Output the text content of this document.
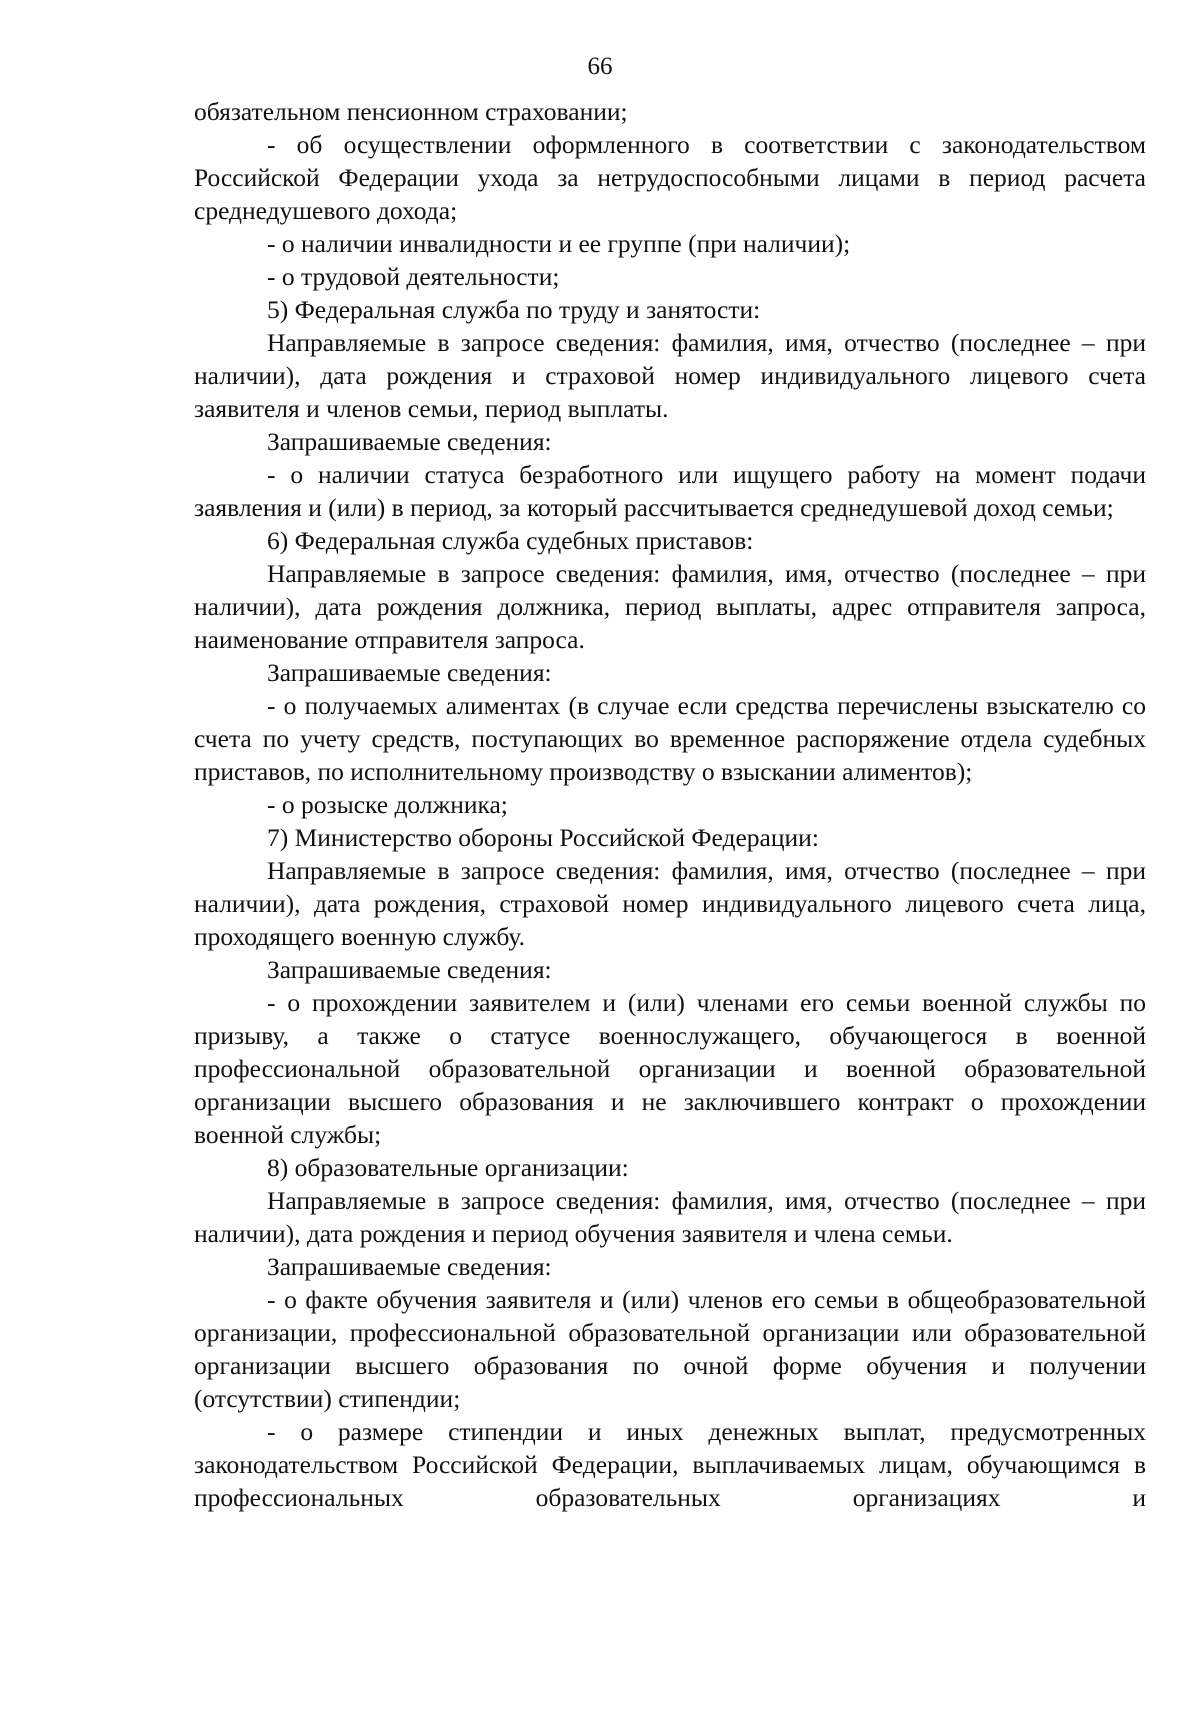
66

обязательном пенсионном страховании;

- об осуществлении оформленного в соответствии с законодательством Российской Федерации ухода за нетрудоспособными лицами в период расчета среднедушевого дохода;

- о наличии инвалидности и ее группе (при наличии);

- о трудовой деятельности;

5) Федеральная служба по труду и занятости:

Направляемые в запросе сведения: фамилия, имя, отчество (последнее – при наличии), дата рождения и страховой номер индивидуального лицевого счета заявителя и членов семьи, период выплаты.

Запрашиваемые сведения:

- о наличии статуса безработного или ищущего работу на момент подачи заявления и (или) в период, за который рассчитывается среднедушевой доход семьи;

6) Федеральная служба судебных приставов:

Направляемые в запросе сведения: фамилия, имя, отчество (последнее – при наличии), дата рождения должника, период выплаты, адрес отправителя запроса, наименование отправителя запроса.

Запрашиваемые сведения:

- о получаемых алиментах (в случае если средства перечислены взыскателю со счета по учету средств, поступающих во временное распоряжение отдела судебных приставов, по исполнительному производству о взыскании алиментов);

- о розыске должника;

7) Министерство обороны Российской Федерации:

Направляемые в запросе сведения: фамилия, имя, отчество (последнее – при наличии), дата рождения, страховой номер индивидуального лицевого счета лица, проходящего военную службу.

Запрашиваемые сведения:

- о прохождении заявителем и (или) членами его семьи военной службы по призыву, а также о статусе военнослужащего, обучающегося в военной профессиональной образовательной организации и военной образовательной организации высшего образования и не заключившего контракт о прохождении военной службы;

8) образовательные организации:

Направляемые в запросе сведения: фамилия, имя, отчество (последнее – при наличии), дата рождения и период обучения заявителя и члена семьи.

Запрашиваемые сведения:

- о факте обучения заявителя и (или) членов его семьи в общеобразовательной организации, профессиональной образовательной организации или образовательной организации высшего образования по очной форме обучения и получении (отсутствии) стипендии;

- о размере стипендии и иных денежных выплат, предусмотренных законодательством Российской Федерации, выплачиваемых лицам, обучающимся в профессиональных образовательных организациях и
